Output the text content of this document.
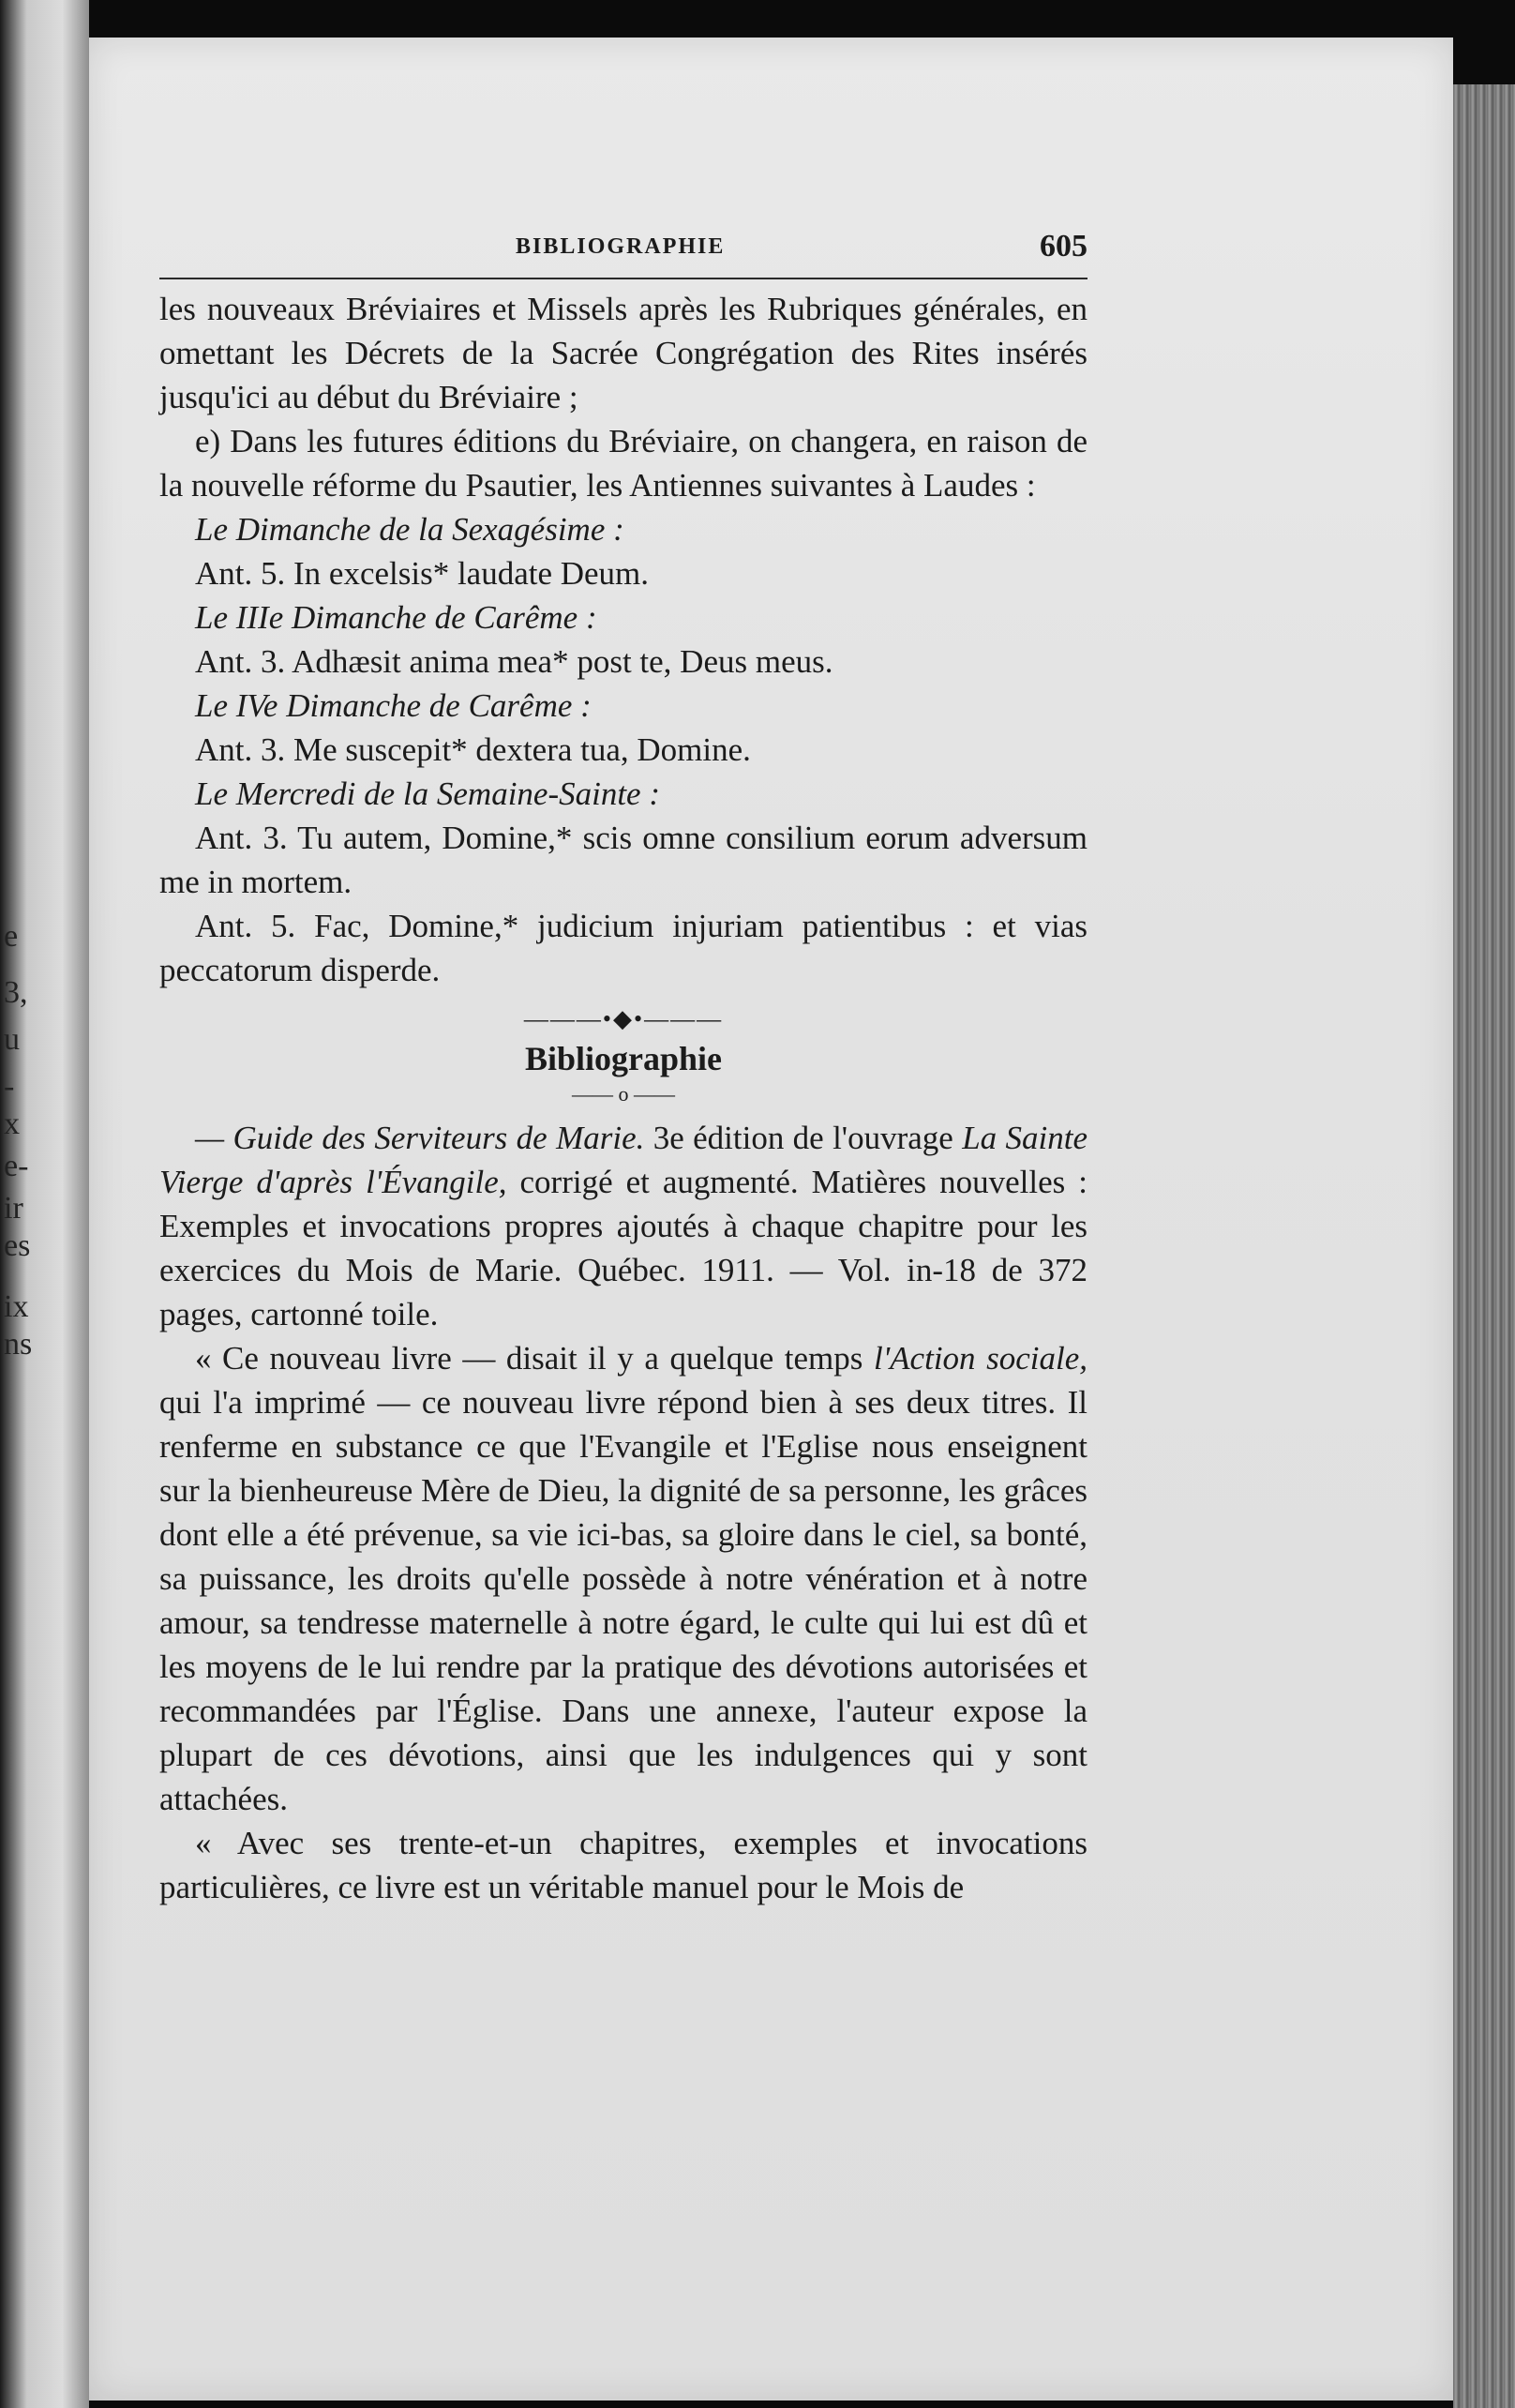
e
3,
u
-
x
e-
ir
es
ix
ns
BIBLIOGRAPHIE	605

les nouveaux Bréviaires et Missels après les Rubriques générales, en omettant les Décrets de la Sacrée Congrégation des Rites insérés jusqu'ici au début du Bréviaire ;

e) Dans les futures éditions du Bréviaire, on changera, en raison de la nouvelle réforme du Psautier, les Antiennes suivantes à Laudes :

Le Dimanche de la Sexagésime :
Ant. 5. In excelsis* laudate Deum.
Le IIIe Dimanche de Carême :
Ant. 3. Adhæsit anima mea* post te, Deus meus.
Le IVe Dimanche de Carême :
Ant. 3. Me suscepit* dextera tua, Domine.
Le Mercredi de la Semaine-Sainte :

Ant. 3. Tu autem, Domine,* scis omne consilium eorum adversum me in mortem.

Ant. 5. Fac, Domine,* judicium injuriam patientibus : et vias peccatorum disperde.

———•◆•———
Bibliographie
—— o ——

— Guide des Serviteurs de Marie. 3e édition de l'ouvrage La Sainte Vierge d'après l'Évangile, corrigé et augmenté. Matières nouvelles : Exemples et invocations propres ajoutés à chaque chapitre pour les exercices du Mois de Marie. Québec. 1911. — Vol. in-18 de 372 pages, cartonné toile.

« Ce nouveau livre — disait il y a quelque temps l'Action sociale, qui l'a imprimé — ce nouveau livre répond bien à ses deux titres. Il renferme en substance ce que l'Evangile et l'Eglise nous enseignent sur la bienheureuse Mère de Dieu, la dignité de sa personne, les grâces dont elle a été prévenue, sa vie ici-bas, sa gloire dans le ciel, sa bonté, sa puissance, les droits qu'elle possède à notre vénération et à notre amour, sa tendresse maternelle à notre égard, le culte qui lui est dû et les moyens de le lui rendre par la pratique des dévotions autorisées et recommandées par l'Église. Dans une annexe, l'auteur expose la plupart de ces dévotions, ainsi que les indulgences qui y sont attachées.

« Avec ses trente-et-un chapitres, exemples et invocations particulières, ce livre est un véritable manuel pour le Mois de
